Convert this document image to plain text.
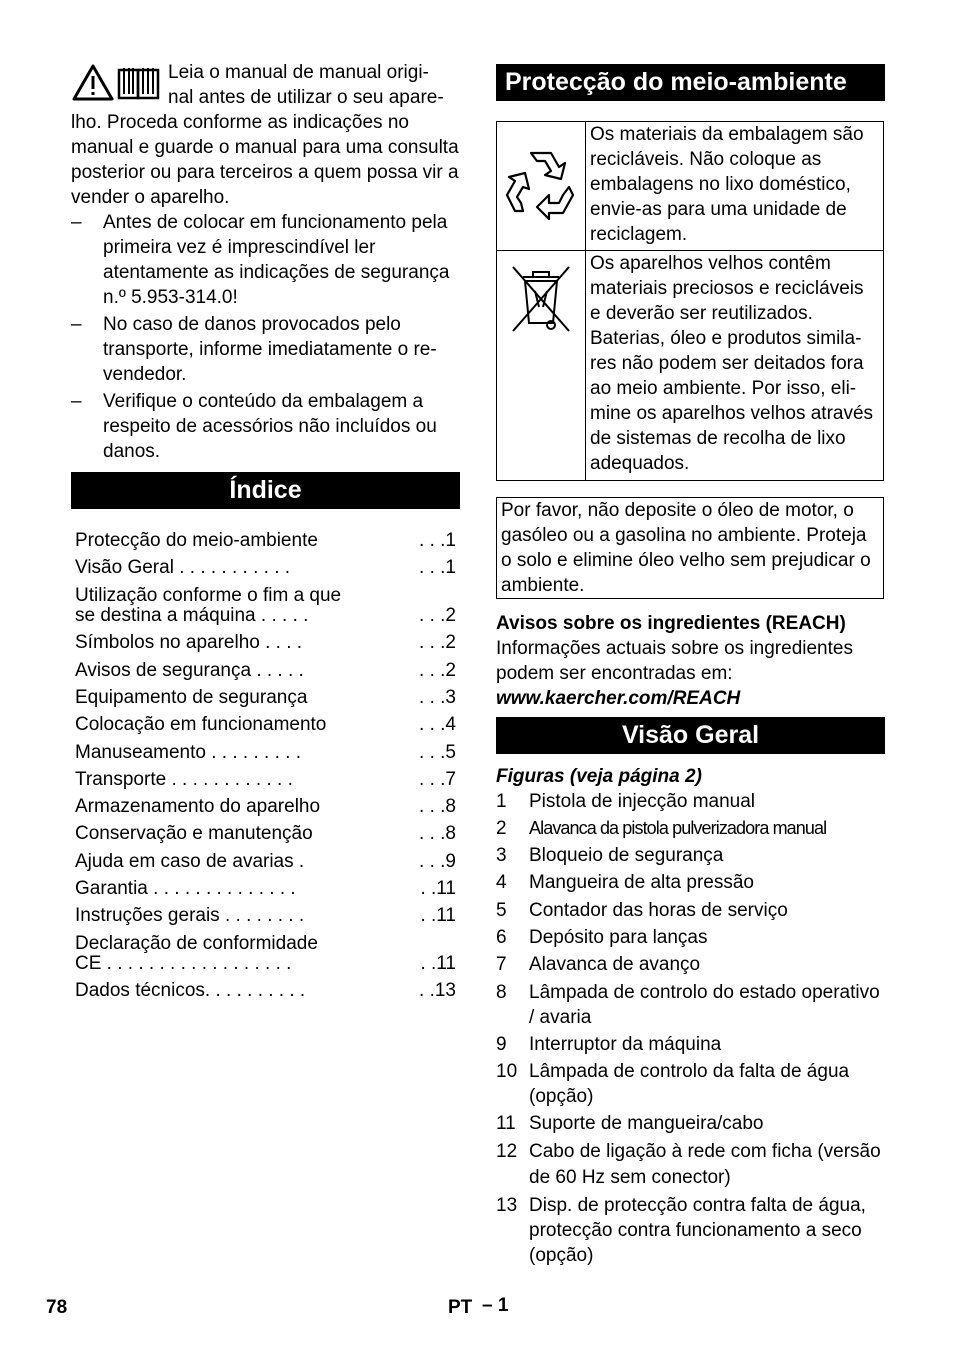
Leia o manual de manual origi-
nal antes de utilizar o seu apare-
lho. Proceda conforme as indicações no manual e guarde o manual para uma consulta posterior ou para terceiros a quem possa vir a vender o aparelho.
–	Antes de colocar em funcionamento pela primeira vez é imprescindível ler atentamente as indicações de segurança n.º 5.953-314.0!
–	No caso de danos provocados pelo transporte, informe imediatamente o revendedor.
–	Verifique o conteúdo da embalagem a respeito de acessórios não incluídos ou danos.
Índice
Protecção do meio-ambiente	. . .1
Visão Geral . . . . . . . . . . .	. . .1
Utilização conforme o fim a que
se destina a máquina . . . . .	. . .2
Símbolos no aparelho . . . .	. . .2
Avisos de segurança . . . . .	. . .2
Equipamento de segurança	. . .3
Colocação em funcionamento	. . .4
Manuseamento . . . . . . . . .	. . .5
Transporte . . . . . . . . . . . .	. . .7
Armazenamento do aparelho	. . .8
Conservação e manutenção	. . .8
Ajuda em caso de avarias .	. . .9
Garantia . . . . . . . . . . . . . .	. .11
Instruções gerais . . . . . . . .	. .11
Declaração de conformidade
CE . . . . . . . . . . . . . . . . . .	. .11
Dados técnicos. . . . . . . . . .	. .13
Protecção do meio-ambiente
	Os materiais da embalagem são recicláveis. Não coloque as embalagens no lixo doméstico, envie-as para uma unidade de reciclagem.
	Os aparelhos velhos contêm materiais preciosos e recicláveis e deverão ser reutilizados. Baterias, óleo e produtos similares não podem ser deitados fora ao meio ambiente. Por isso, elimine os aparelhos velhos através de sistemas de recolha de lixo adequados.
Por favor, não deposite o óleo de motor, o gasóleo ou a gasolina no ambiente. Proteja o solo e elimine óleo velho sem prejudicar o ambiente.
Avisos sobre os ingredientes (REACH)
Informações actuais sobre os ingredientes podem ser encontradas em:
www.kaercher.com/REACH
Visão Geral
Figuras (veja página 2)
1	Pistola de injecção manual
2	Alavanca da pistola pulverizadora manual
3	Bloqueio de segurança
4	Mangueira de alta pressão
5	Contador das horas de serviço
6	Depósito para lanças
7	Alavanca de avanço
8	Lâmpada de controlo do estado operativo / avaria
9	Interruptor da máquina
10 Lâmpada de controlo da falta de água (opção)
11 Suporte de mangueira/cabo
12 Cabo de ligação à rede com ficha (versão de 60 Hz sem conector)
13 Disp. de protecção contra falta de água, protecção contra funcionamento a seco (opção)
78	PT – 1
